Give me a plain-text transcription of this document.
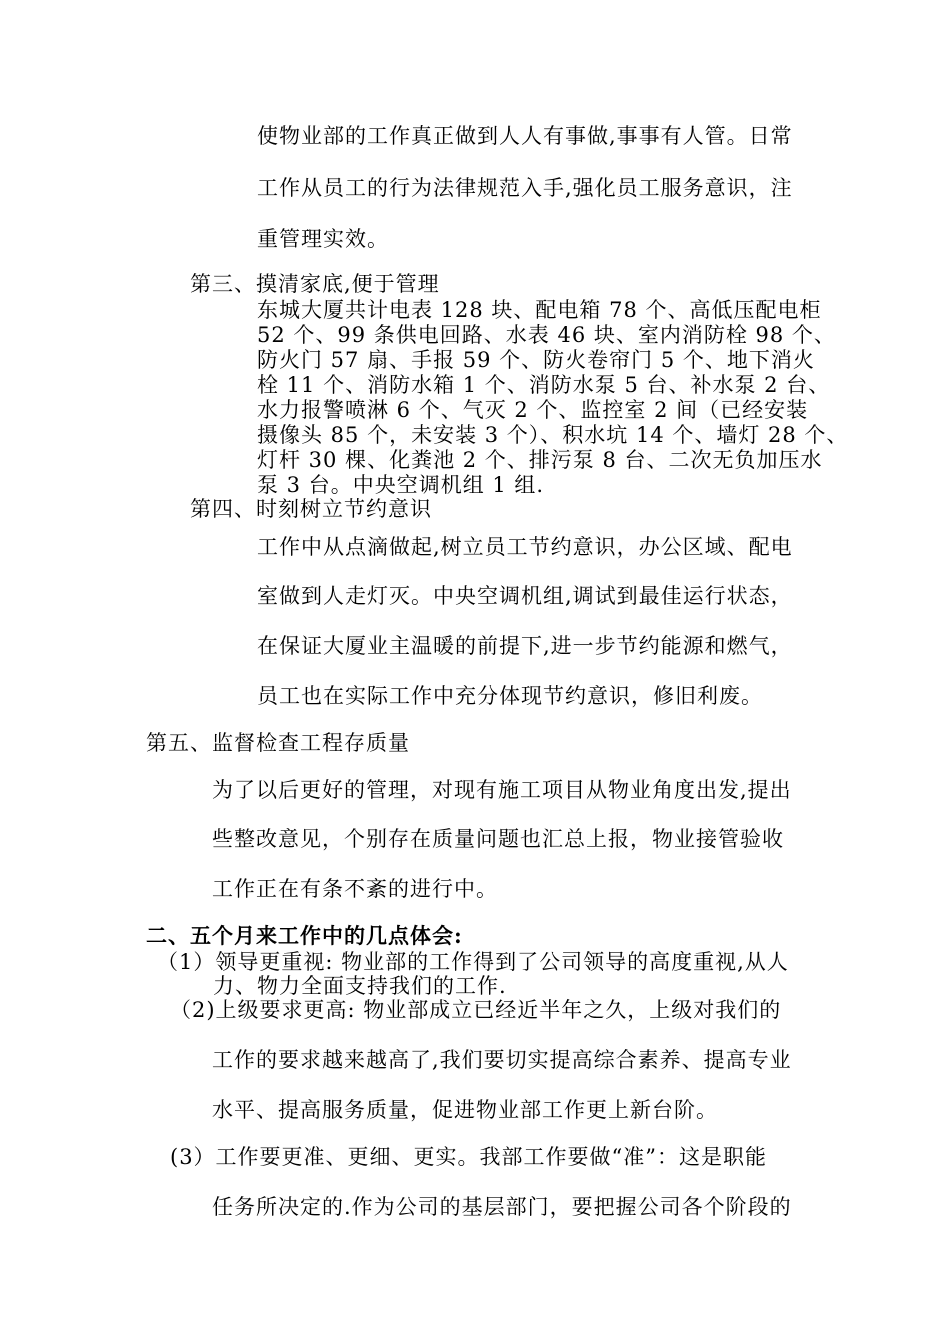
使物业部的工作真正做到人人有事做,事事有人管。日常
工作从员工的行为法律规范入手,强化员工服务意识，注
重管理实效。
第三、摸清家底,便于管理
东城大厦共计电表 128 块、配电箱 78 个、高低压配电柜
52 个、99 条供电回路、水表 46 块、室内消防栓 98 个、
防火门 57 扇、手报 59 个、防火卷帘门 5 个、地下消火
栓 11 个、消防水箱 1 个、消防水泵 5 台、补水泵 2 台、
水力报警喷淋 6 个、气灭 2 个、监控室 2 间（已经安装
摄像头 85 个，未安装 3 个）、积水坑 14 个、墙灯 28 个、
灯杆 30 棵、化粪池 2 个、排污泵 8 台、二次无负加压水
泵 3 台。中央空调机组 1 组.
第四、时刻树立节约意识
工作中从点滴做起,树立员工节约意识，办公区域、配电
室做到人走灯灭。中央空调机组,调试到最佳运行状态，
在保证大厦业主温暖的前提下,进一步节约能源和燃气，
员工也在实际工作中充分体现节约意识，修旧利废。
第五、监督检查工程存质量
为了以后更好的管理，对现有施工项目从物业角度出发,提出
些整改意见，个别存在质量问题也汇总上报，物业接管验收
工作正在有条不紊的进行中。
二、五个月来工作中的几点体会:
（1）领导更重视: 物业部的工作得到了公司领导的高度重视,从人
力、物力全面支持我们的工作.
（2)上级要求更高: 物业部成立已经近半年之久，上级对我们的
工作的要求越来越高了,我们要切实提高综合素养、提高专业
水平、提高服务质量，促进物业部工作更上新台阶。
(3）工作要更准、更细、更实。我部工作要做“准”：这是职能
任务所决定的.作为公司的基层部门，要把握公司各个阶段的
